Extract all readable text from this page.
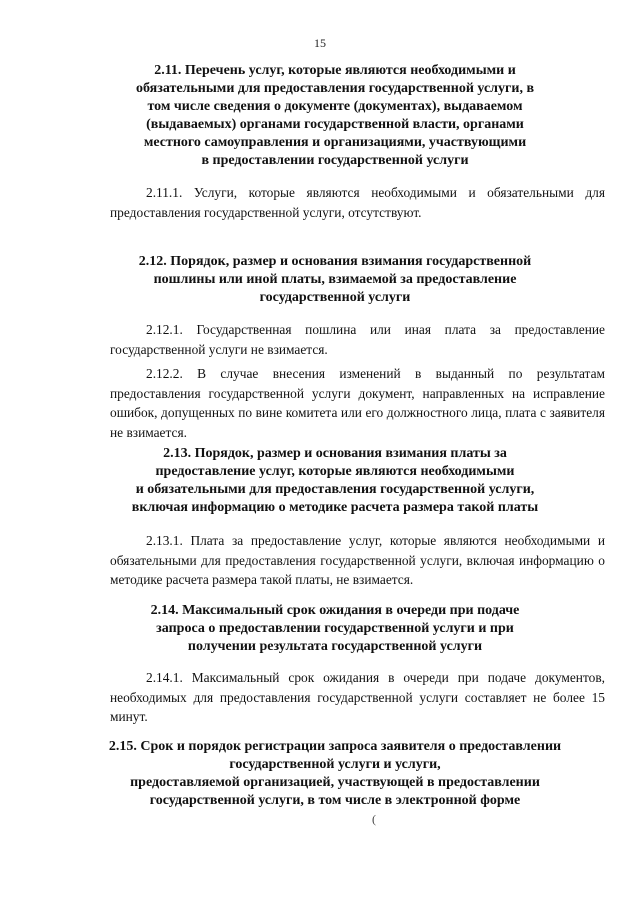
15
2.11. Перечень услуг, которые являются необходимыми и
обязательными для предоставления государственной услуги, в
том числе сведения о документе (документах), выдаваемом
(выдаваемых) органами государственной власти, органами
местного самоуправления и организациями, участвующими
в предоставлении государственной услуги

2.11.1. Услуги, которые являются необходимыми и обязательными для предоставления государственной услуги, отсутствуют.

2.12. Порядок, размер и основания взимания государственной
пошлины или иной платы, взимаемой за предоставление
государственной услуги

2.12.1. Государственная пошлина или иная плата за предоставление государственной услуги не взимается.

2.12.2. В случае внесения изменений в выданный по результатам предоставления государственной услуги документ, направленных на исправление ошибок, допущенных по вине комитета или его должностного лица, плата с заявителя не взимается.

2.13. Порядок, размер и основания взимания платы за
предоставление услуг, которые являются необходимыми
и обязательными для предоставления государственной услуги,
включая информацию о методике расчета размера такой платы

2.13.1. Плата за предоставление услуг, которые являются необходимыми и обязательными для предоставления государственной услуги, включая информацию о методике расчета размера такой платы, не взимается.

2.14. Максимальный срок ожидания в очереди при подаче
запроса о предоставлении государственной услуги и при
получении результата государственной услуги

2.14.1. Максимальный срок ожидания в очереди при подаче документов, необходимых для предоставления государственной услуги составляет не более 15 минут.

2.15. Срок и порядок регистрации запроса заявителя о предоставлении
государственной услуги и услуги,
предоставляемой организацией, участвующей в предоставлении
государственной услуги, в том числе в электронной форме
(
